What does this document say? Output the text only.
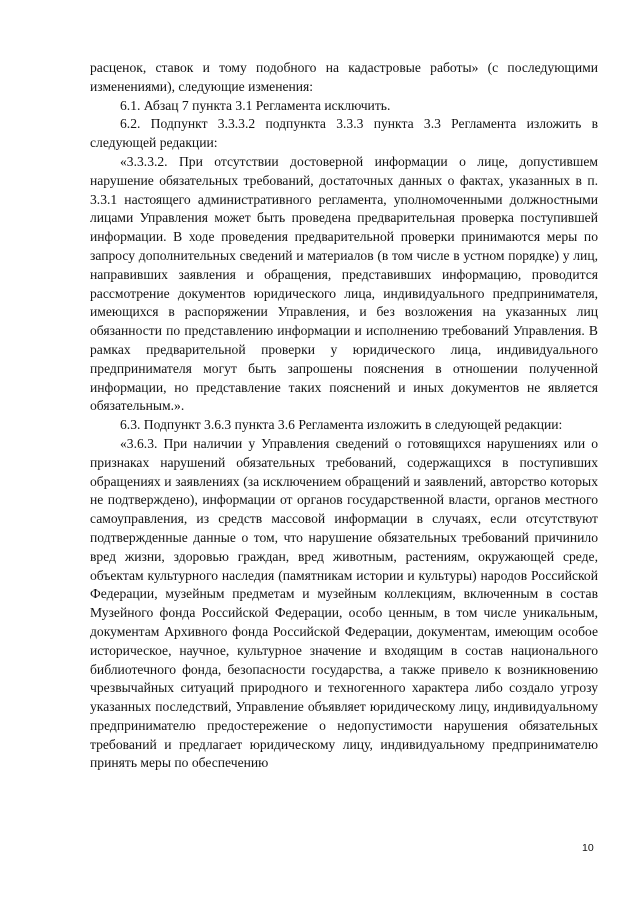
расценок, ставок и тому подобного на кадастровые работы» (с последующими изменениями), следующие изменения:

6.1. Абзац 7 пункта 3.1 Регламента исключить.

6.2. Подпункт 3.3.3.2 подпункта 3.3.3 пункта 3.3 Регламента изложить в следующей редакции:

«3.3.3.2. При отсутствии достоверной информации о лице, допустившем нарушение обязательных требований, достаточных данных о фактах, указанных в п. 3.3.1 настоящего административного регламента, уполномоченными должностными лицами Управления может быть проведена предварительная проверка поступившей информации. В ходе проведения предварительной проверки принимаются меры по запросу дополнительных сведений и материалов (в том числе в устном порядке) у лиц, направивших заявления и обращения, представивших информацию, проводится рассмотрение документов юридического лица, индивидуального предпринимателя, имеющихся в распоряжении Управления, и без возложения на указанных лиц обязанности по представлению информации и исполнению требований Управления. В рамках предварительной проверки у юридического лица, индивидуального предпринимателя могут быть запрошены пояснения в отношении полученной информации, но представление таких пояснений и иных документов не является обязательным.».

6.3. Подпункт 3.6.3 пункта 3.6 Регламента изложить в следующей редакции:

«3.6.3. При наличии у Управления сведений о готовящихся нарушениях или о признаках нарушений обязательных требований, содержащихся в поступивших обращениях и заявлениях (за исключением обращений и заявлений, авторство которых не подтверждено), информации от органов государственной власти, органов местного самоуправления, из средств массовой информации в случаях, если отсутствуют подтвержденные данные о том, что нарушение обязательных требований причинило вред жизни, здоровью граждан, вред животным, растениям, окружающей среде, объектам культурного наследия (памятникам истории и культуры) народов Российской Федерации, музейным предметам и музейным коллекциям, включенным в состав Музейного фонда Российской Федерации, особо ценным, в том числе уникальным, документам Архивного фонда Российской Федерации, документам, имеющим особое историческое, научное, культурное значение и входящим в состав национального библиотечного фонда, безопасности государства, а также привело к возникновению чрезвычайных ситуаций природного и техногенного характера либо создало угрозу указанных последствий, Управление объявляет юридическому лицу, индивидуальному предпринимателю предостережение о недопустимости нарушения обязательных требований и предлагает юридическому лицу, индивидуальному предпринимателю принять меры по обеспечению

10
